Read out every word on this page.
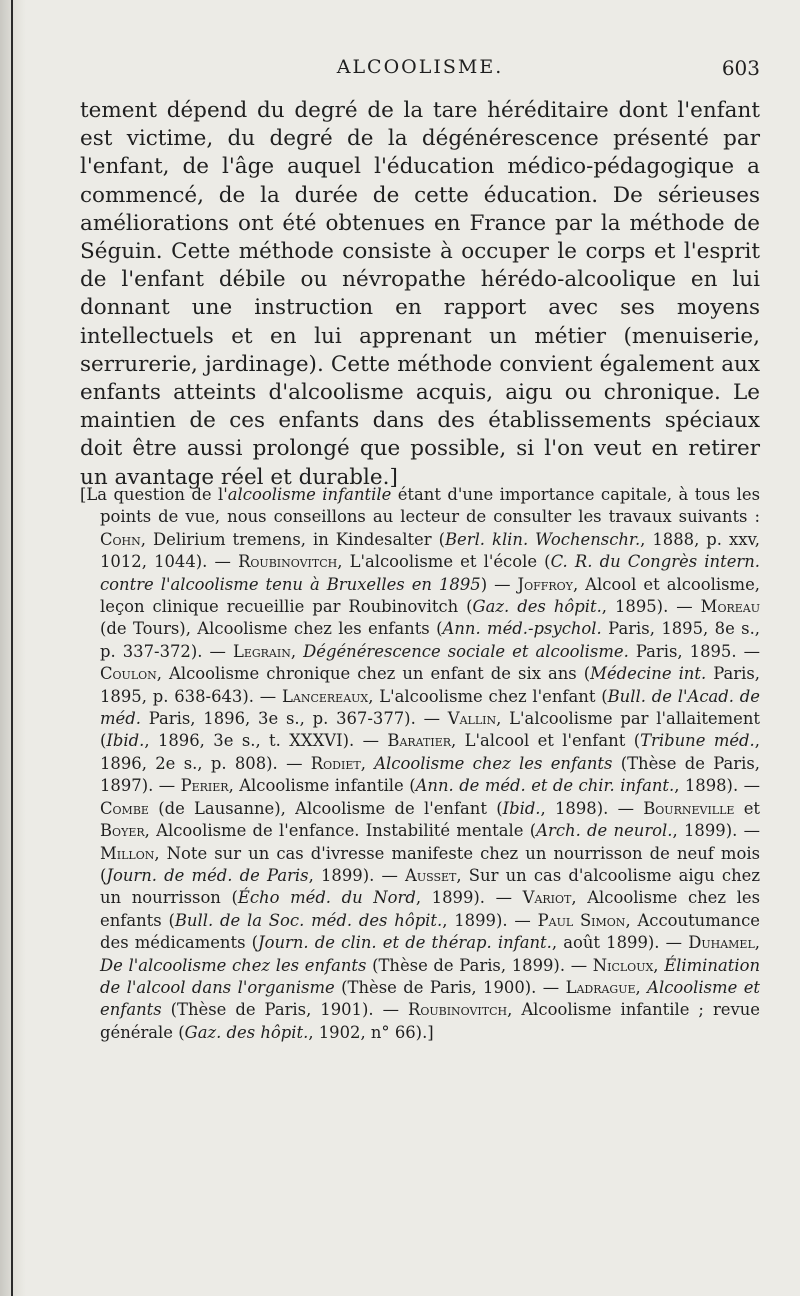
ALCOOLISME.	603

tement dépend du degré de la tare héréditaire dont l'enfant est victime, du degré de la dégénérescence présenté par l'enfant, de l'âge auquel l'éducation médico-pédagogique a commencé, de la durée de cette éducation. De sérieuses améliorations ont été obtenues en France par la méthode de Séguin. Cette méthode consiste à occuper le corps et l'esprit de l'enfant débile ou névropathe hérédo-alcoolique en lui donnant une instruction en rapport avec ses moyens intellectuels et en lui apprenant un métier (menuiserie, serrurerie, jardinage). Cette méthode convient également aux enfants atteints d'alcoolisme acquis, aigu ou chronique. Le maintien de ces enfants dans des établissements spéciaux doit être aussi prolongé que possible, si l'on veut en retirer un avantage réel et durable.]

[La question de l'alcoolisme infantile étant d'une importance capitale, à tous les points de vue, nous conseillons au lecteur de consulter les travaux suivants : Cohn, Delirium tremens, in Kindesalter (Berl. klin. Wochenschr., 1888, p. xxv, 1012, 1044). — Roubinovitch, L'alcoolisme et l'école (C. R. du Congrès intern. contre l'alcoolisme tenu à Bruxelles en 1895) — Joffroy, Alcool et alcoolisme, leçon clinique recueillie par Roubinovitch (Gaz. des hôpit., 1895). — Moreau (de Tours), Alcoolisme chez les enfants (Ann. méd.-psychol. Paris, 1895, 8e s., p. 337-372). — Legrain, Dégénérescence sociale et alcoolisme. Paris, 1895. — Coulon, Alcoolisme chronique chez un enfant de six ans (Médecine int. Paris, 1895, p. 638-643). — Lancereaux, L'alcoolisme chez l'enfant (Bull. de l'Acad. de méd. Paris, 1896, 3e s., p. 367-377). — Vallin, L'alcoolisme par l'allaitement (Ibid., 1896, 3e s., t. XXXVI). — Baratier, L'alcool et l'enfant (Tribune méd., 1896, 2e s., p. 808). — Rodiet, Alcoolisme chez les enfants (Thèse de Paris, 1897). — Perier, Alcoolisme infantile (Ann. de méd. et de chir. infant., 1898). — Combe (de Lausanne), Alcoolisme de l'enfant (Ibid., 1898). — Bourneville et Boyer, Alcoolisme de l'enfance. Instabilité mentale (Arch. de neurol., 1899). — Millon, Note sur un cas d'ivresse manifeste chez un nourrisson de neuf mois (Journ. de méd. de Paris, 1899). — Ausset, Sur un cas d'alcoolisme aigu chez un nourrisson (Écho méd. du Nord, 1899). — Variot, Alcoolisme chez les enfants (Bull. de la Soc. méd. des hôpit., 1899). — Paul Simon, Accoutumance des médicaments (Journ. de clin. et de thérap. infant., août 1899). — Duhamel, De l'alcoolisme chez les enfants (Thèse de Paris, 1899). — Nicloux, Élimination de l'alcool dans l'organisme (Thèse de Paris, 1900). — Ladrague, Alcoolisme et enfants (Thèse de Paris, 1901). — Roubinovitch, Alcoolisme infantile ; revue générale (Gaz. des hôpit., 1902, n° 66).]
